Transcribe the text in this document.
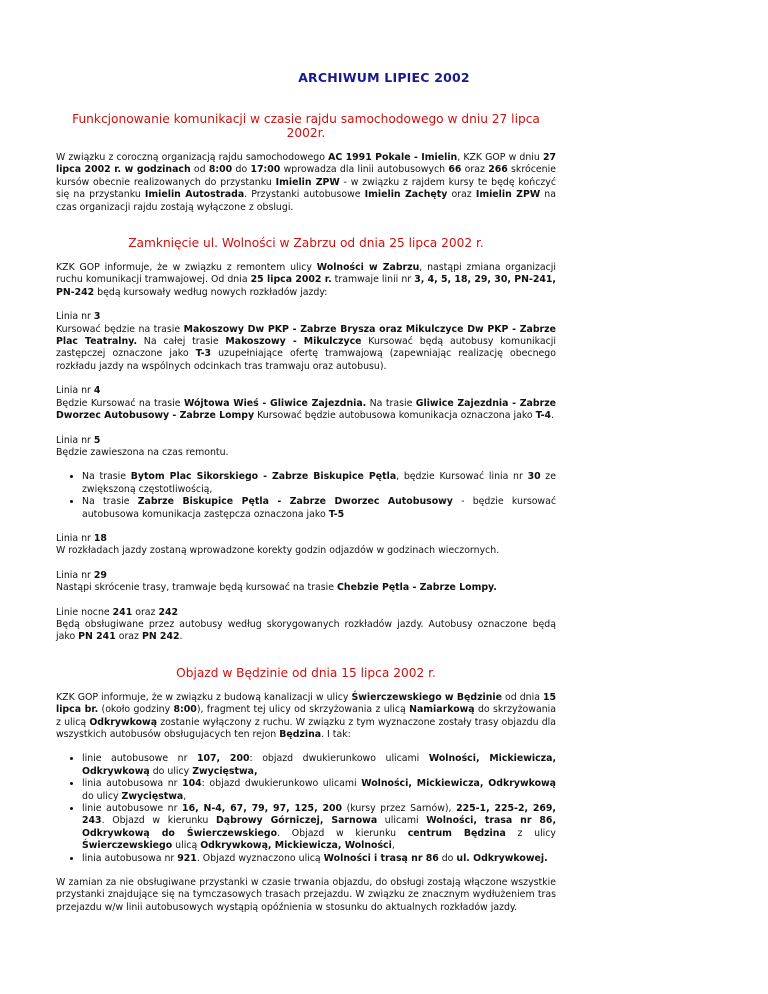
ARCHIWUM LIPIEC 2002
Funkcjonowanie komunikacji w czasie rajdu samochodowego w dniu 27 lipca 2002r.

W związku z coroczną organizacją rajdu samochodowego AC 1991 Pokale - Imielin, KZK GOP w dniu 27 lipca 2002 r. w godzinach od 8:00 do 17:00 wprowadza dla linii autobusowych 66 oraz 266 skrócenie kursów obecnie realizowanych do przystanku Imielin ZPW - w związku z rajdem kursy te będę kończyć się na przystanku Imielin Autostrada. Przystanki autobusowe Imielin Zachęty oraz Imielin ZPW na czas organizacji rajdu zostają wyłączone z obslugi.

Zamknięcie ul. Wolności w Zabrzu od dnia 25 lipca 2002 r.

KZK GOP informuje, że w związku z remontem ulicy Wolności w Zabrzu, nastąpi zmiana organizacji ruchu komunikacji tramwajowej. Od dnia 25 lipca 2002 r. tramwaje linii nr 3, 4, 5, 18, 29, 30, PN-241, PN-242 będą kursowały według nowych rozkładów jazdy:

Linia nr 3
Kursować będzie na trasie Makoszowy Dw PKP - Zabrze Brysza oraz Mikulczyce Dw PKP - Zabrze Plac Teatralny. Na całej trasie Makoszowy - Mikulczyce Kursować będą autobusy komunikacji zastępczej oznaczone jako T-3 uzupełniające ofertę tramwajową (zapewniając realizację obecnego rozkładu jazdy na wspólnych odcinkach tras tramwaju oraz autobusu).

Linia nr 4
Będzie Kursować na trasie Wójtowa Wieś - Gliwice Zajezdnia. Na trasie Gliwice Zajezdnia - Zabrze Dworzec Autobusowy - Zabrze Lompy Kursować będzie autobusowa komunikacja oznaczona jako T-4.

Linia nr 5
Będzie zawieszona na czas remontu.

• Na trasie Bytom Plac Sikorskiego - Zabrze Biskupice Pętla, będzie Kursować linia nr 30 ze zwiększoną częstotliwością,
• Na trasie Zabrze Biskupice Pętla - Zabrze Dworzec Autobusowy - będzie kursować autobusowa komunikacja zastępcza oznaczona jako T-5

Linia nr 18
W rozkładach jazdy zostaną wprowadzone korekty godzin odjazdów w godzinach wieczornych.

Linia nr 29
Nastąpi skrócenie trasy, tramwaje będą kursować na trasie Chebzie Pętla - Zabrze Lompy.

Linie nocne 241 oraz 242
Będą obsługiwane przez autobusy według skorygowanych rozkładów jazdy. Autobusy oznaczone będą jako PN 241 oraz PN 242.

Objazd w Będzinie od dnia 15 lipca 2002 r.

KZK GOP informuje, że w związku z budową kanalizacji w ulicy Świerczewskiego w Będzinie od dnia 15 lipca br. (około godziny 8:00), fragment tej ulicy od skrzyżowania z ulicą Namiarkową do skrzyżowania z ulicą Odkrywkową zostanie wyłączony z ruchu. W związku z tym wyznaczone zostały trasy objazdu dla wszystkich autobusów obsługujacych ten rejon Będzina. I tak:

• linie autobusowe nr 107, 200: objazd dwukierunkowo ulicami Wolności, Mickiewicza, Odkrywkową do ulicy Zwycięstwa,
• linia autobusowa nr 104: objazd dwukierunkowo ulicami Wolności, Mickiewicza, Odkrywkową do ulicy Zwycięstwa,
• linie autobusowe nr 16, N-4, 67, 79, 97, 125, 200 (kursy przez Sarnów), 225-1, 225-2, 269, 243. Objazd w kierunku Dąbrowy Górniczej, Sarnowa ulicami Wolności, trasa nr 86, Odkrywkową do Świerczewskiego. Objazd w kierunku centrum Będzina z ulicy Świerczewskiego ulicą Odkrywkową, Mickiewicza, Wolności,
• linia autobusowa nr 921. Objazd wyznaczono ulicą Wolności i trasą nr 86 do ul. Odkrywkowej.

W zamian za nie obsługiwane przystanki w czasie trwania objazdu, do obsługi zostają włączone wszystkie przystanki znajdujące się na tymczasowych trasach przejazdu. W związku ze znacznym wydłużeniem tras przejazdu w/w linii autobusowych wystąpią opóźnienia w stosunku do aktualnych rozkładów jazdy.
